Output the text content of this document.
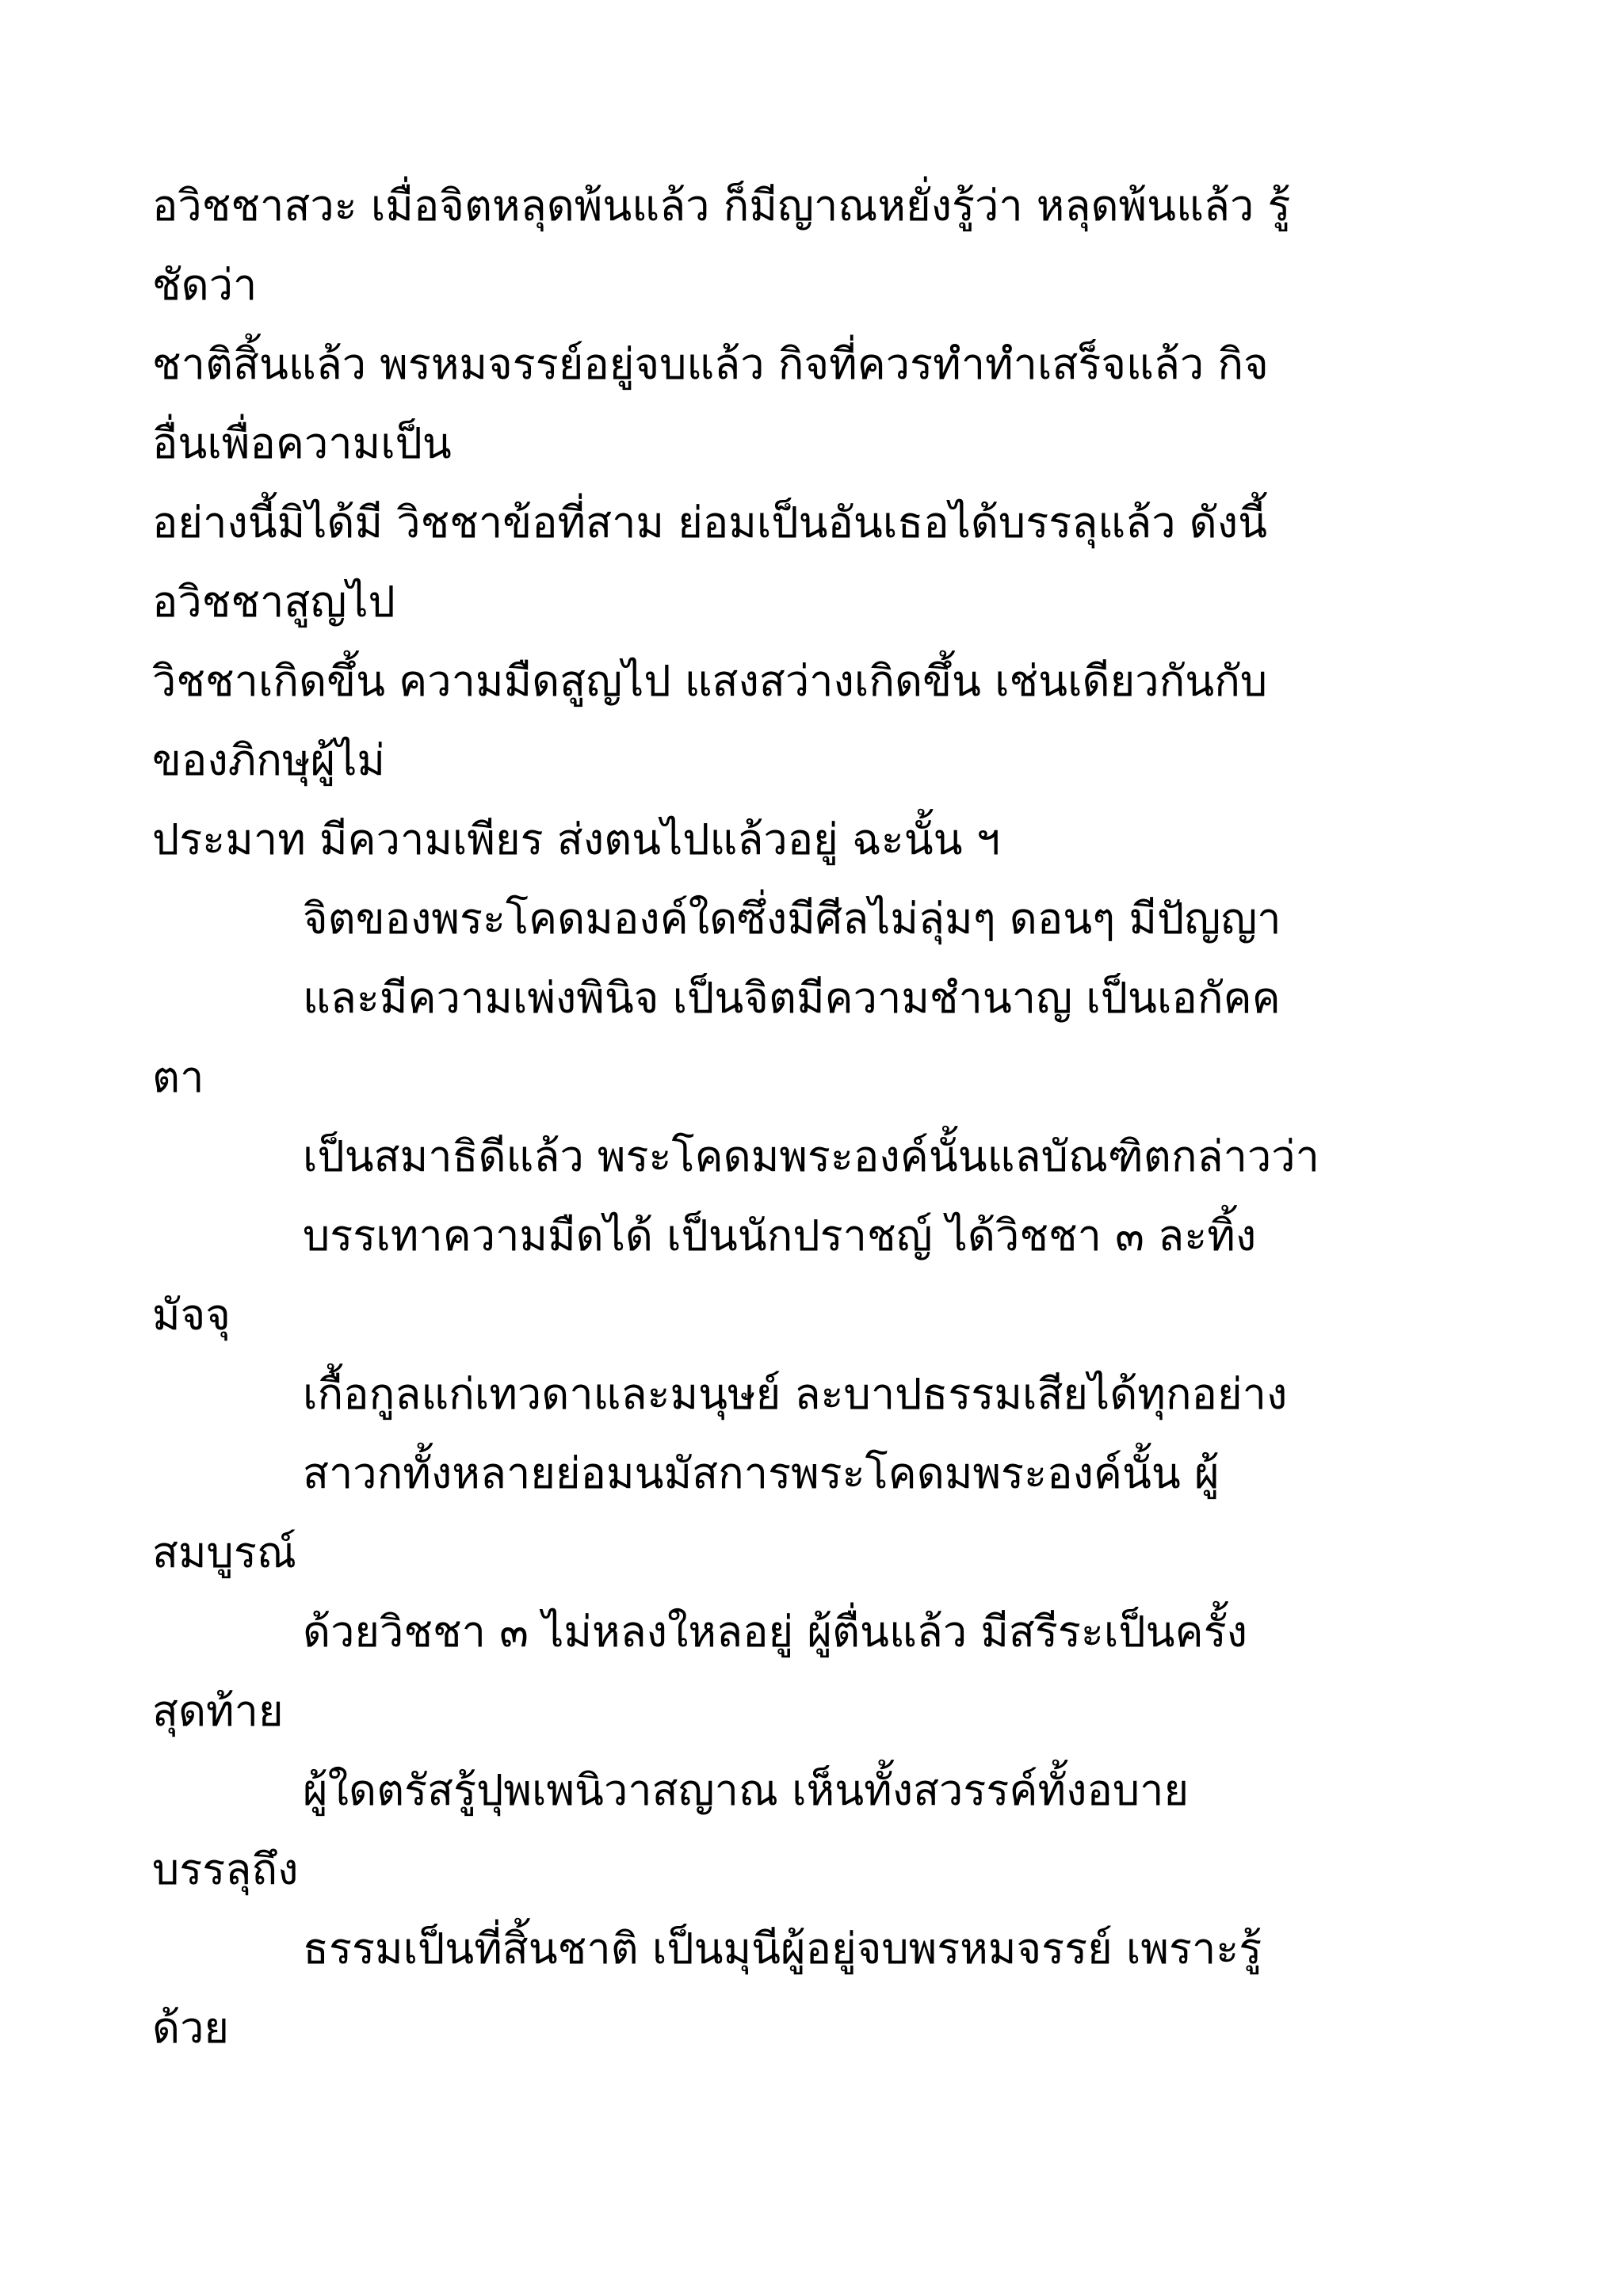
อวิชชาสวะ เมื่อจิตหลุดพ้นแล้ว ก็มีญาณหยั่งรู้ว่า หลุดพ้นแล้ว รู้
ชัดว่า
ชาติสิ้นแล้ว พรหมจรรย์อยู่จบแล้ว กิจที่ควรทำทำเสร็จแล้ว กิจ
อื่นเพื่อความเป็น
อย่างนี้มิได้มี วิชชาข้อที่สาม ย่อมเป็นอันเธอได้บรรลุแล้ว ดังนี้
อวิชชาสูญไป
วิชชาเกิดขึ้น ความมืดสูญไป แสงสว่างเกิดขึ้น เช่นเดียวกันกับ
ของภิกษุผู้ไม่
ประมาท มีความเพียร ส่งตนไปแล้วอยู่ ฉะนั้น ฯ
จิตของพระโคดมองค์ใดซึ่งมีศีลไม่ลุ่มๆ ดอนๆ มีปัญญา
และมีความเพ่งพินิจ เป็นจิตมีความชำนาญ เป็นเอกัคค
ตา
เป็นสมาธิดีแล้ว พระโคดมพระองค์นั้นแลบัณฑิตกล่าวว่า
บรรเทาความมืดได้ เป็นนักปราชญ์ ได้วิชชา ๓ ละทิ้ง
มัจจุ
เกื้อกูลแก่เทวดาและมนุษย์ ละบาปธรรมเสียได้ทุกอย่าง
สาวกทั้งหลายย่อมนมัสการพระโคดมพระองค์นั้น ผู้
สมบูรณ์
ด้วยวิชชา ๓ ไม่หลงใหลอยู่ ผู้ตื่นแล้ว มีสรีระเป็นครั้ง
สุดท้าย
ผู้ใดตรัสรู้ปุพเพนิวาสญาณ เห็นทั้งสวรรค์ทั้งอบาย
บรรลุถึง
ธรรมเป็นที่สิ้นชาติ เป็นมุนีผู้อยู่จบพรหมจรรย์ เพราะรู้
ด้วย
